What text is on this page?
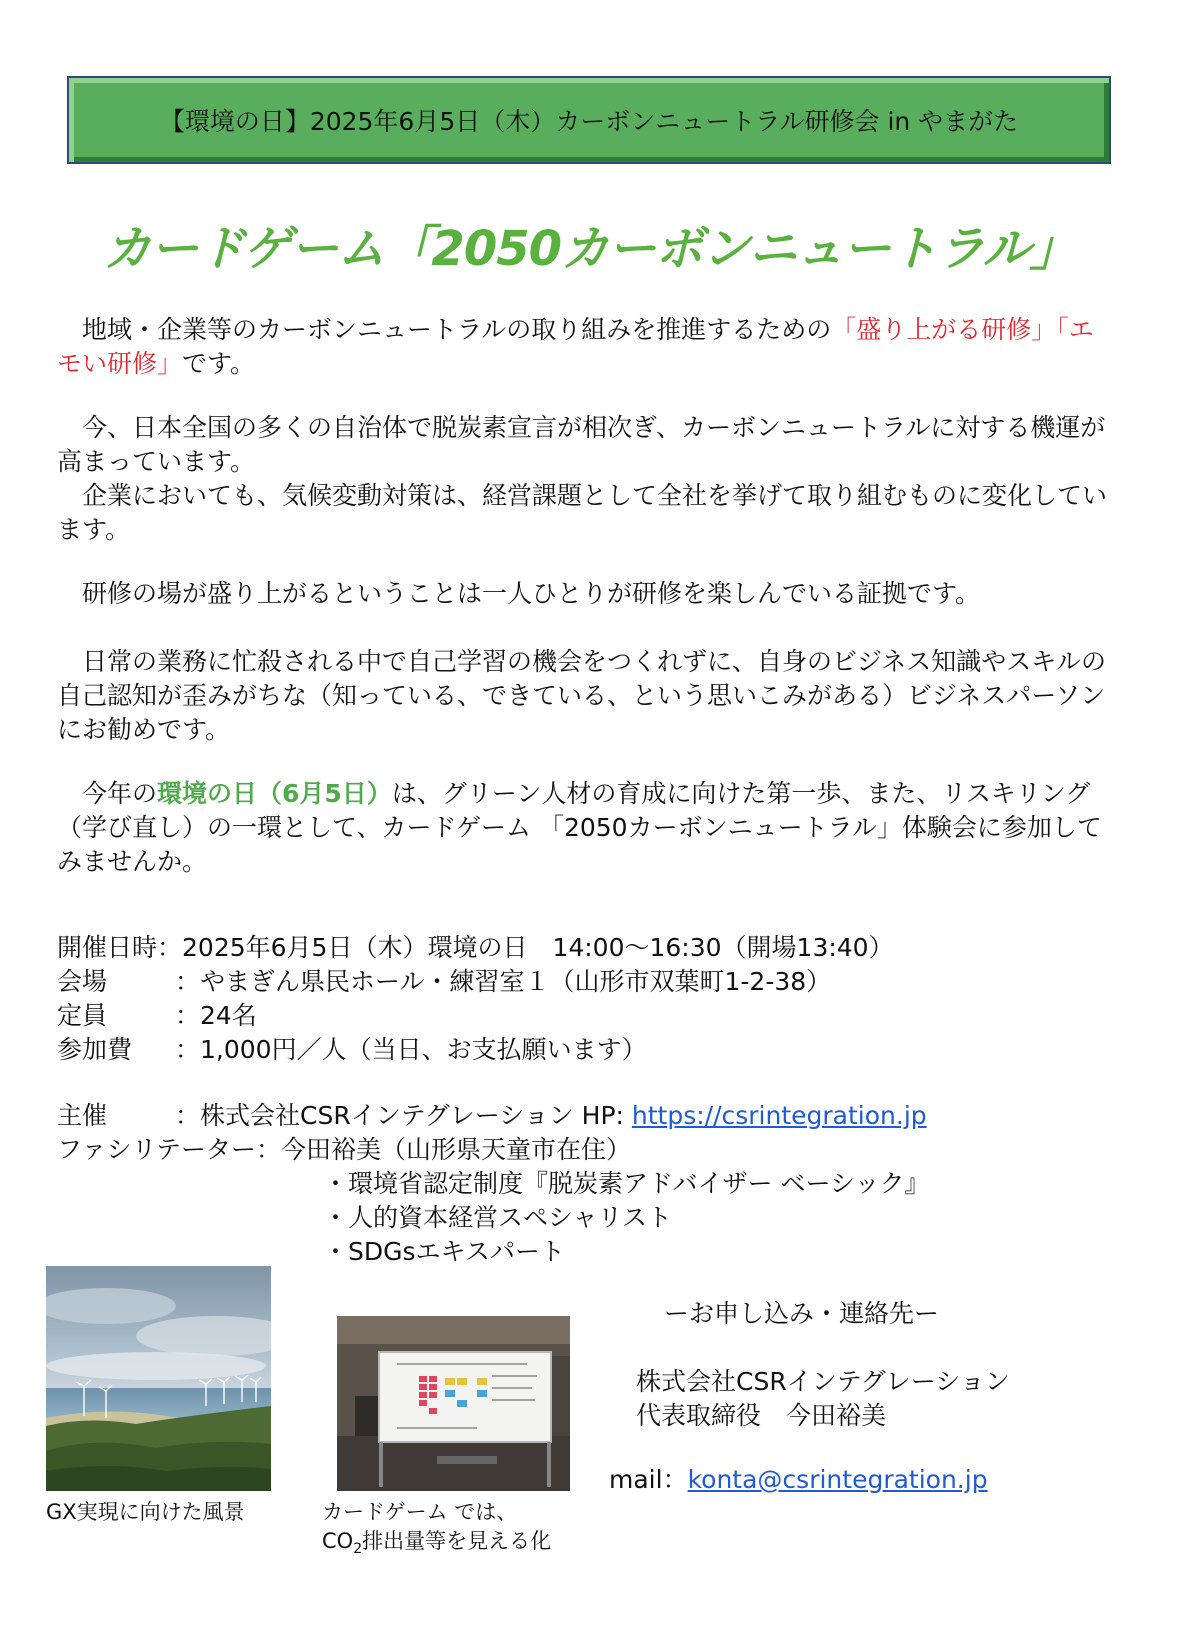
【環境の日】2025年6月5日（木）カーボンニュートラル研修会 in やまがた
カードゲーム「2050カーボンニュートラル」

　地域・企業等のカーボンニュートラルの取り組みを推進するための「盛り上がる研修」「エモい研修」です。

　今、日本全国の多くの自治体で脱炭素宣言が相次ぎ、カーボンニュートラルに対する機運が高まっています。

　企業においても、気候変動対策は、経営課題として全社を挙げて取り組むものに変化しています。

　研修の場が盛り上がるということは一人ひとりが研修を楽しんでいる証拠です。

　日常の業務に忙殺される中で自己学習の機会をつくれずに、自身のビジネス知識やスキルの自己認知が歪みがちな（知っている、できている、という思いこみがある）ビジネスパーソンにお勧めです。

　今年の環境の日（6月5日）は、グリーン人材の育成に向けた第一歩、また、リスキリング（学び直し）の一環として、カードゲーム 「2050カーボンニュートラル」体験会に参加してみませんか。

開催日時：2025年6月5日（木）環境の日　14:00～16:30（開場13:40）
会場	：やまぎん県民ホール・練習室１（山形市双葉町1-2-38）
定員	：24名
参加費 ：1,000円／人（当日、お支払願います）
主催	：株式会社CSRインテグレーション HP: https://csrintegration.jp
ファシリテーター：今田裕美（山形県天童市在住）
・環境省認定制度『脱炭素アドバイザー ベーシック』
・人的資本経営スペシャリスト
・SDGsエキスパート
GX実現に向けた風景	カードゲーム では、
$CO_2$排出量等を見える化
ーお申し込み・連絡先ー
株式会社CSRインテグレーション
代表取締役　今田裕美
mail：konta@csrintegration.jp
